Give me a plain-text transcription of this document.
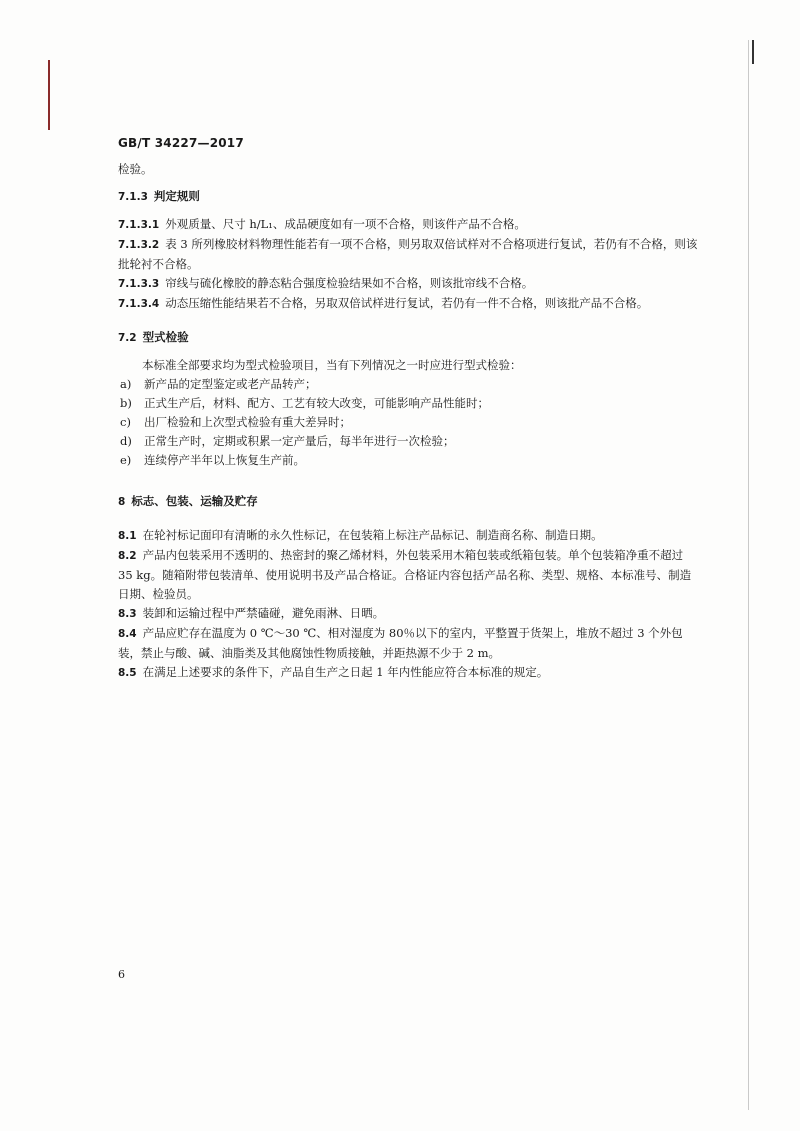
GB/T 34227—2017

检验。

7.1.3 判定规则

7.1.3.1 外观质量、尺寸 h/L₁、成品硬度如有一项不合格，则该件产品不合格。

7.1.3.2 表 3 所列橡胶材料物理性能若有一项不合格，则另取双倍试样对不合格项进行复试，若仍有不合格，则该批轮衬不合格。

7.1.3.3 帘线与硫化橡胶的静态粘合强度检验结果如不合格，则该批帘线不合格。

7.1.3.4 动态压缩性能结果若不合格，另取双倍试样进行复试，若仍有一件不合格，则该批产品不合格。

7.2 型式检验

本标准全部要求均为型式检验项目，当有下列情况之一时应进行型式检验：

a) 新产品的定型鉴定或老产品转产；

b) 正式生产后，材料、配方、工艺有较大改变，可能影响产品性能时；

c) 出厂检验和上次型式检验有重大差异时；

d) 正常生产时，定期或积累一定产量后，每半年进行一次检验；

e) 连续停产半年以上恢复生产前。

8 标志、包装、运输及贮存

8.1 在轮衬标记面印有清晰的永久性标记，在包装箱上标注产品标记、制造商名称、制造日期。

8.2 产品内包装采用不透明的、热密封的聚乙烯材料，外包装采用木箱包装或纸箱包装。单个包装箱净重不超过 35 kg。随箱附带包装清单、使用说明书及产品合格证。合格证内容包括产品名称、类型、规格、本标准号、制造日期、检验员。

8.3 装卸和运输过程中严禁磕碰，避免雨淋、日晒。

8.4 产品应贮存在温度为 0 ℃～30 ℃、相对湿度为 80％以下的室内，平整置于货架上，堆放不超过 3 个外包装，禁止与酸、碱、油脂类及其他腐蚀性物质接触，并距热源不少于 2 m。

8.5 在满足上述要求的条件下，产品自生产之日起 1 年内性能应符合本标准的规定。

6
